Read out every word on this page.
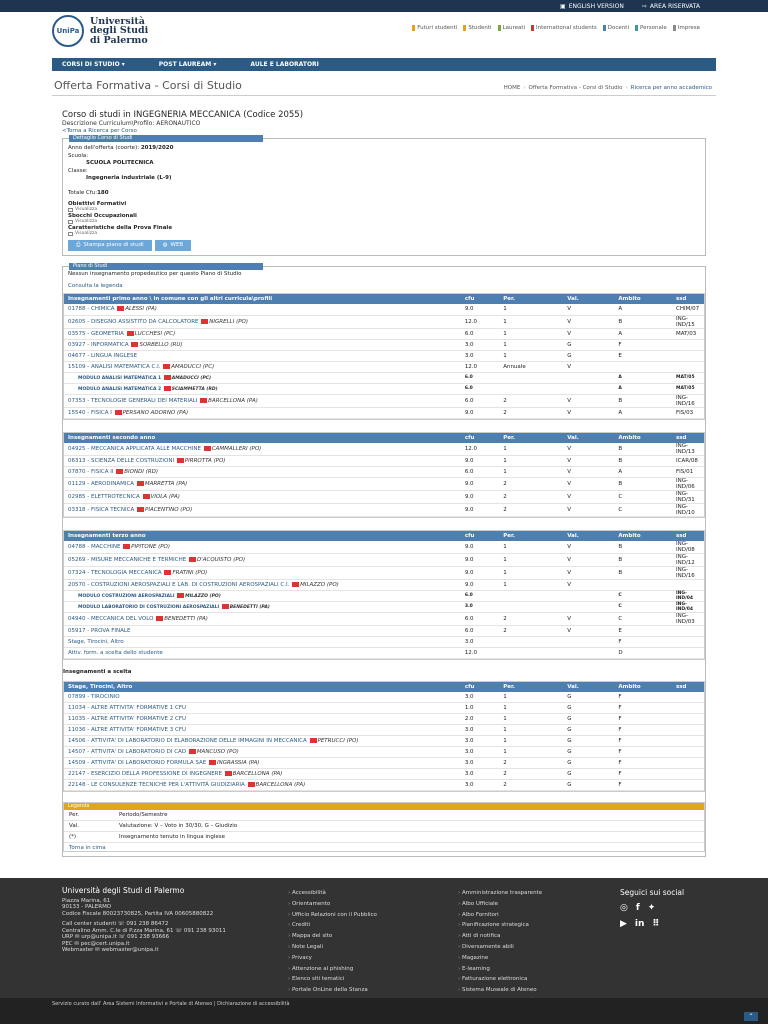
▣ ENGLISH VERSION	⇨ AREA RISERVATA
UniPa
Università
degli Studi
di Palermo
Futuri studenti Studenti Laureati International students Docenti Personale Imprese
CORSI DI STUDIO ▾	POST LAUREAM ▾	AULE E LABORATORI
Offerta Formativa - Corsi di Studio	HOME › Offerta Formativa - Corsi di Studio › Ricerca per anno accademico
Corso di studi in INGEGNERIA MECCANICA (Codice 2055)
Descrizione Curriculum\Profilo: AERONAUTICO
<Torna a Ricerca per Corso
Dettaglio Corso di Studi
Anno dell'offerta (coorte): 2019/2020
Scuola:
SCUOLA POLITECNICA
Classe:
Ingegneria industriale (L-9)
Totale Cfu:180
Obiettivi Formativi
Visualizza
Sbocchi Occupazionali
Visualizza
Caratteristiche della Prova Finale
Visualizza
⎙ Stampa piano di studi	◍ WEB
Piano di Studi
Nessun insegnamento propedeutico per questo Piano di Studio
Consulta la legenda
Insegnamenti primo anno \ in comune con gli altri curricula\profili	cfu	Per.	Val.	Ambito	ssd
01788 - CHIMICA ALESSI (PA)	9.0	1	V	A	CHIM/07
02605 - DISEGNO ASSISTITO DA CALCOLATORE NIGRELLI (PO)	12.0	1	V	B	ING-IND/15
03575 - GEOMETRIA LUCCHESI (PC)	6.0	1	V	A	MAT/03
03927 - INFORMATICA SORBELLO (RU)	3.0	1	G	F	
04677 - LINGUA INGLESE	3.0	1	G	E	
15109 - ANALISI MATEMATICA C.I. AMADUCCI (PC)	12.0	Annuale	V		
MODULO ANALISI MATEMATICA 1 AMADUCCI (PC)	6.0			A	MAT/05
MODULO ANALISI MATEMATICA 2 SCIAMMETTA (RD)	6.0			A	MAT/05
07353 - TECNOLOGIE GENERALI DEI MATERIALI BARCELLONA (PA)	6.0	2	V	B	ING-IND/16
15540 - FISICA I PERSANO ADORNO (PA)	9.0	2	V	A	FIS/03
Insegnamenti secondo anno	cfu	Per.	Val.	Ambito	ssd
04925 - MECCANICA APPLICATA ALLE MACCHINE CAMMALLERI (PO)	12.0	1	V	B	ING-IND/13
06313 - SCIENZA DELLE COSTRUZIONI PIRROTTA (PO)	9.0	1	V	B	ICAR/08
07870 - FISICA II BIONDI (RD)	6.0	1	V	A	FIS/01
01129 - AERODINAMICA MARRETTA (PA)	9.0	2	V	B	ING-IND/06
02985 - ELETTROTECNICA VIOLA (PA)	9.0	2	V	C	ING-IND/31
03318 - FISICA TECNICA PIACENTINO (PO)	9.0	2	V	C	ING-IND/10
Insegnamenti terzo anno	cfu	Per.	Val.	Ambito	ssd
04788 - MACCHINE PIPITONE (PO)	9.0	1	V	B	ING-IND/08
05269 - MISURE MECCANICHE E TERMICHE D'ACQUISTO (PO)	9.0	1	V	B	ING-IND/12
07324 - TECNOLOGIA MECCANICA FRATINI (PO)	9.0	1	V	B	ING-IND/16
20570 - COSTRUZIONI AEROSPAZIALI E LAB. DI COSTRUZIONI AEROSPAZIALI C.I. MILAZZO (PO)	9.0	1	V		
MODULO COSTRUZIONI AEROSPAZIALI MILAZZO (PO)	6.0			C	ING-IND/04
MODULO LABORATORIO DI COSTRUZIONI AEROSPAZIALI BENEDETTI (PA)	3.0			C	ING-IND/04
04940 - MECCANICA DEL VOLO BENEDETTI (PA)	6.0	2	V	C	ING-IND/03
05917 - PROVA FINALE	6.0	2	V	E	
Stage, Tirocini, Altro	3.0			F	
Attiv. form. a scelta dello studente	12.0			D	
Insegnamenti a scelta
Stage, Tirocini, Altro	cfu	Per.	Val.	Ambito	ssd
07899 - TIROCINIO	3.0	1	G	F	
11034 - ALTRE ATTIVITA' FORMATIVE 1 CFU	1.0	1	G	F	
11035 - ALTRE ATTIVITA' FORMATIVE 2 CFU	2.0	1	G	F	
11036 - ALTRE ATTIVITA' FORMATIVE 3 CFU	3.0	1	G	F	
14506 - ATTIVITA' DI LABORATORIO DI ELABORAZIONE DELLE IMMAGINI IN MECCANICA PETRUCCI (PO)	3.0	1	G	F	
14507 - ATTIVITA' DI LABORATORIO DI CAD MANCUSO (PO)	3.0	1	G	F	
14509 - ATTIVITA' DI LABORATORIO FORMULA SAE INGRASSIA (PA)	3.0	2	G	F	
22147 - ESERCIZIO DELLA PROFESSIONE DI INGEGNERE BARCELLONA (PA)	3.0	2	G	F	
22148 - LE CONSULENZE TECNICHE PER L'ATTIVITÀ GIUDIZIARIA BARCELLONA (PA)	3.0	2	G	F	
Legenda
Per.	Periodo/Semestre
Val.	Valutazione: V – Voto in 30/30, G – Giudizio
(*)	Insegnamento tenuto in lingua inglese
Torna in cima
Università degli Studi di Palermo
Piazza Marina, 61
90133 - PALERMO
Codice Fiscale 80023730825, Partita IVA 00605880822
Call center studenti ☏ 091 238 86472
Centralino Amm. C.le di P.zza Marina, 61 ☏ 091 238 93011
URP ✉ urp@unipa.it ☏ 091 238 93666
PEC ✉ pec@cert.unipa.it
Webmaster ✉ webmaster@unipa.it
› Accessibilità
› Orientamento
› Ufficio Relazioni con il Pubblico
› Crediti
› Mappa del sito
› Note Legali
› Privacy
› Attenzione al phishing
› Elenco siti tematici
› Portale OnLine della Stanza
›
› Amministrazione trasparente
› Albo Ufficiale
› Albo Fornitori
› Pianificazione strategica
› Atti di notifica
› Diversamente abili
› Magazine
› E-learning
› Fatturazione elettronica
› Sistema Museale di Ateneo
›
Seguici sui social
◎ f ✦
▶ in ⠿
Servizio curato dall' Area Sistemi Informativi e Portale di Ateneo | Dichiarazione di accessibilità
⌃
